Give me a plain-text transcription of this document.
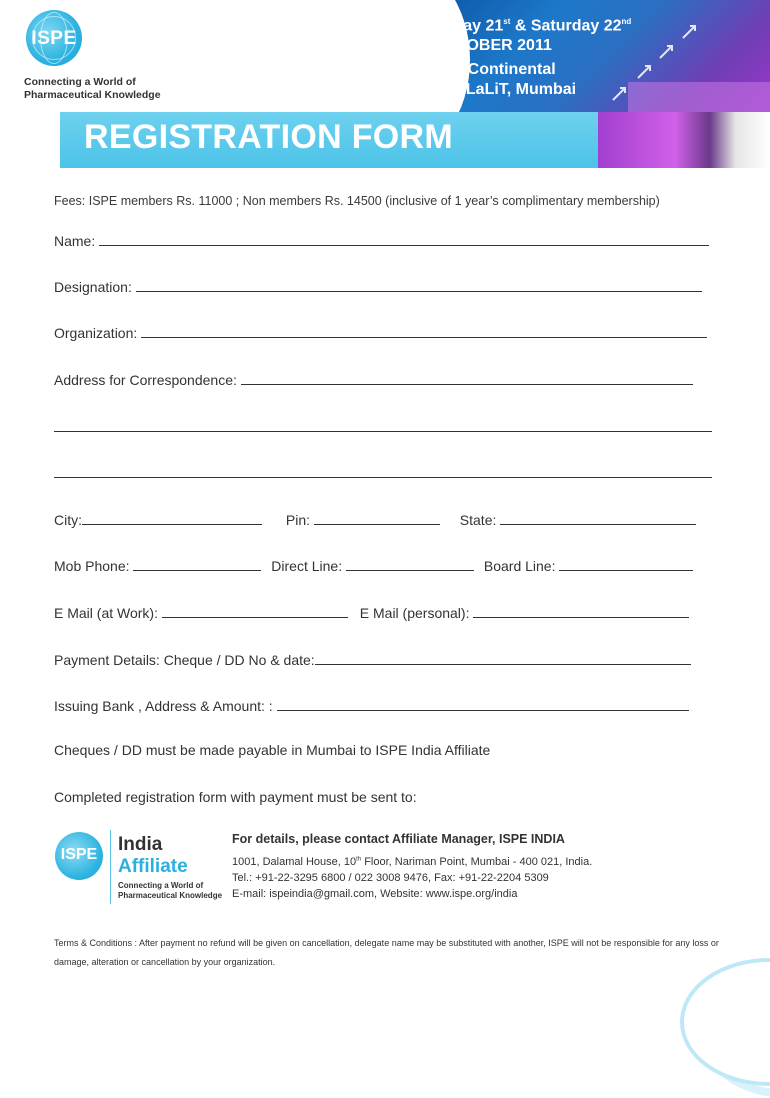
ISPE
Connecting a World of
Pharmaceutical Knowledge
Friday 21st & Saturday 22nd
OCTOBER 2011
InterContinental
The LaLiT, Mumbai
REGISTRATION FORM
Fees: ISPE members Rs. 11000 ; Non members Rs. 14500 (inclusive of 1 year’s complimentary membership)
Name:
Designation:
Organization:
Address for Correspondence:
City:	Pin:	State:
Mob Phone:	Direct Line:	Board Line:
E Mail (at Work):	E Mail (personal):
Payment Details: Cheque / DD No & date:
Issuing Bank , Address & Amount: :
Cheques / DD must be made payable in Mumbai to ISPE India Affiliate
Completed registration form with payment must be sent to:
ISPE	India
Affiliate
Connecting a World of
Pharmaceutical Knowledge
For details, please contact Affiliate Manager, ISPE INDIA
1001, Dalamal House, 10th Floor, Nariman Point, Mumbai - 400 021, India.
Tel.: +91-22-3295 6800 / 022 3008 9476, Fax: +91-22-2204 5309
E-mail: ispeindia@gmail.com, Website: www.ispe.org/india
Terms & Conditions : After payment no refund will be given on cancellation, delegate name may be substituted with another, ISPE will not be responsible for any loss or damage, alteration or cancellation by your organization.
